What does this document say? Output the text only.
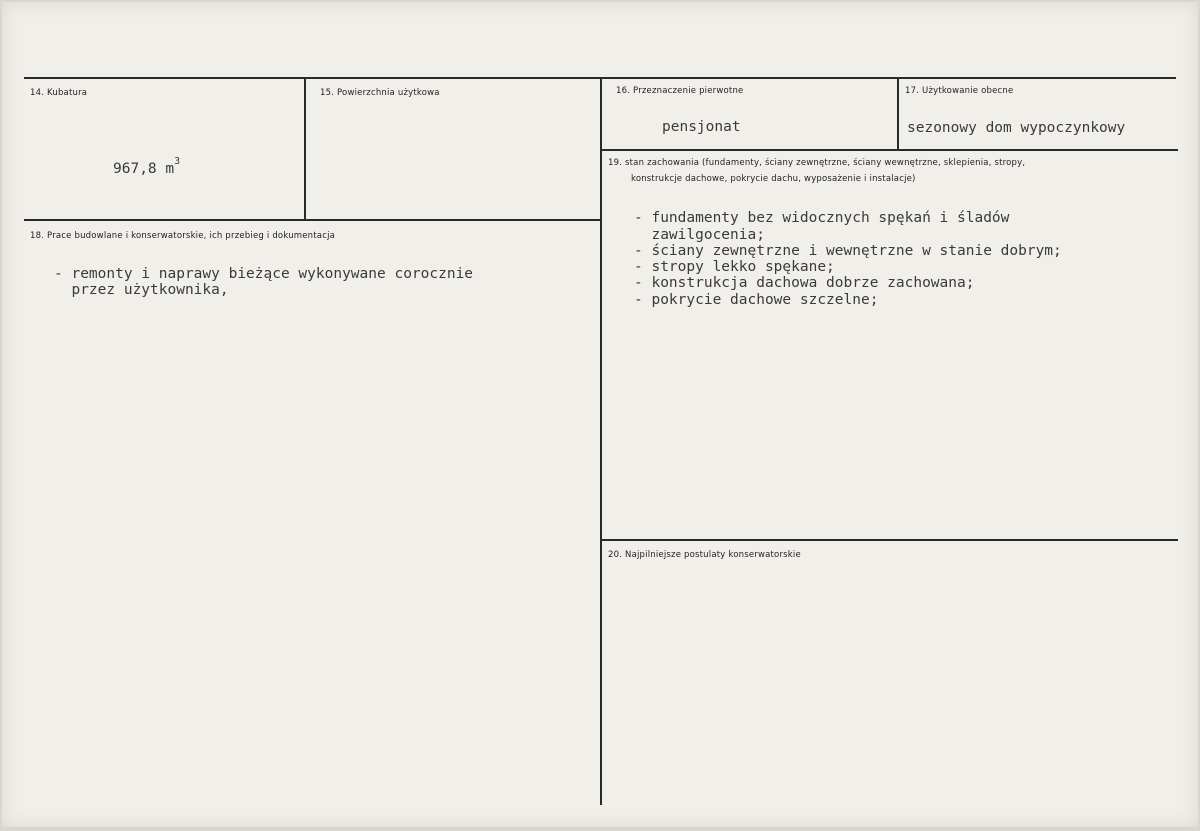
14. Kubatura
967,8 $m^3$
15. Powierzchnia użytkowa	16. Przeznaczenie pierwotne
pensjonat
17. Użytkowanie obecne
sezonowy dom wypoczynkowy
18. Prace budowlane i konserwatorskie, ich przebieg i dokumentacja
- remonty i naprawy bieżące wykonywane corocznie
przez użytkownika,
19. stan zachowania (fundamenty, ściany zewnętrzne, ściany wewnętrzne, sklepienia, stropy,
konstrukcje dachowe, pokrycie dachu, wyposażenie i instalacje)
- fundamenty bez widocznych spękań i śladów
zawilgocenia;
- ściany zewnętrzne i wewnętrzne w stanie dobrym;
- stropy lekko spękane;
- konstrukcja dachowa dobrze zachowana;
- pokrycie dachowe szczelne;
20. Najpilniejsze postulaty konserwatorskie
